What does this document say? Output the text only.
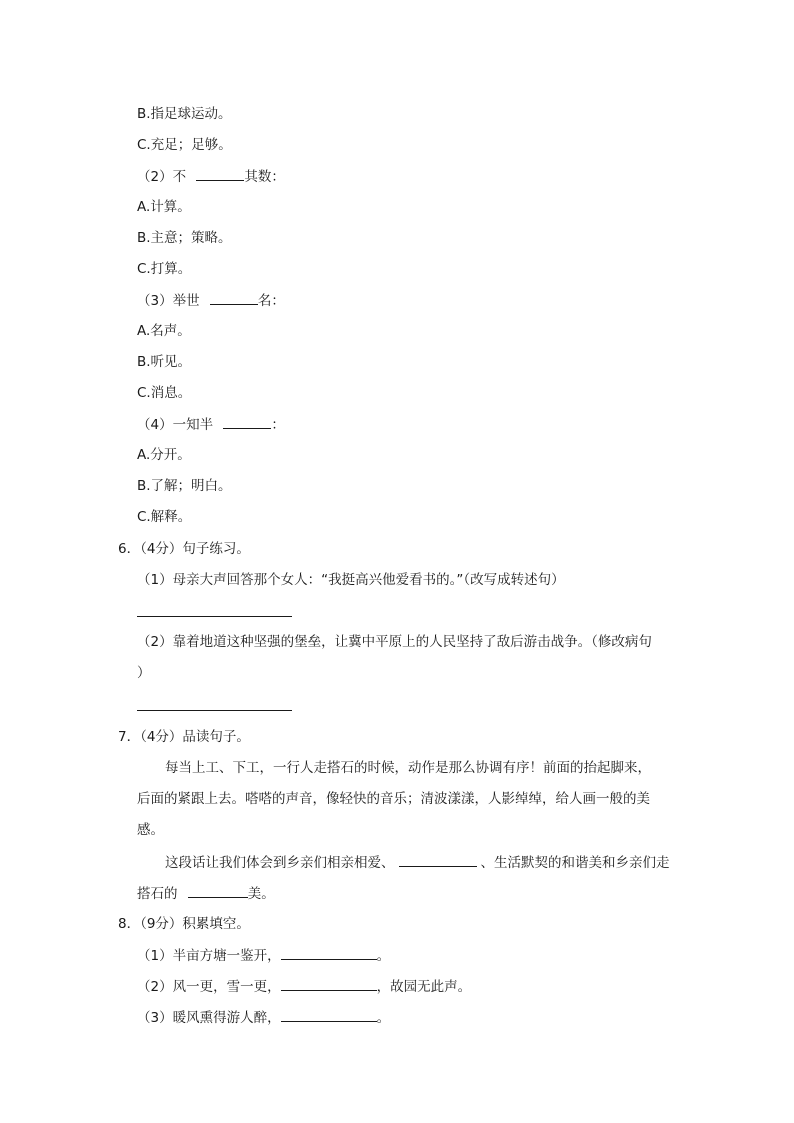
B.指足球运动。
C.充足；足够。
（2）不	其数：
A.计算。
B.主意；策略。
C.打算。
（3）举世	名：
A.名声。
B.听见。
C.消息。
（4）一知半	：
A.分开。
B.了解；明白。
C.解释。
6．（4分）句子练习。
（1）母亲大声回答那个女人：“我挺高兴他爱看书的。”（改写成转述句）
（2）靠着地道这种坚强的堡垒，让冀中平原上的人民坚持了敌后游击战争。（修改病句
）
7．（4分）品读句子。
每当上工、下工，一行人走搭石的时候，动作是那么协调有序！前面的抬起脚来，
后面的紧跟上去。嗒嗒的声音，像轻快的音乐；清波漾漾，人影绰绰，给人画一般的美
感。
这段话让我们体会到乡亲们相亲相爱、	、生活默契的和谐美和乡亲们走
搭石的	美。
8．（9分）积累填空。
（1）半亩方塘一鉴开，	。
（2）风一更，雪一更，	，故园无此声。
（3）暖风熏得游人醉，	。
